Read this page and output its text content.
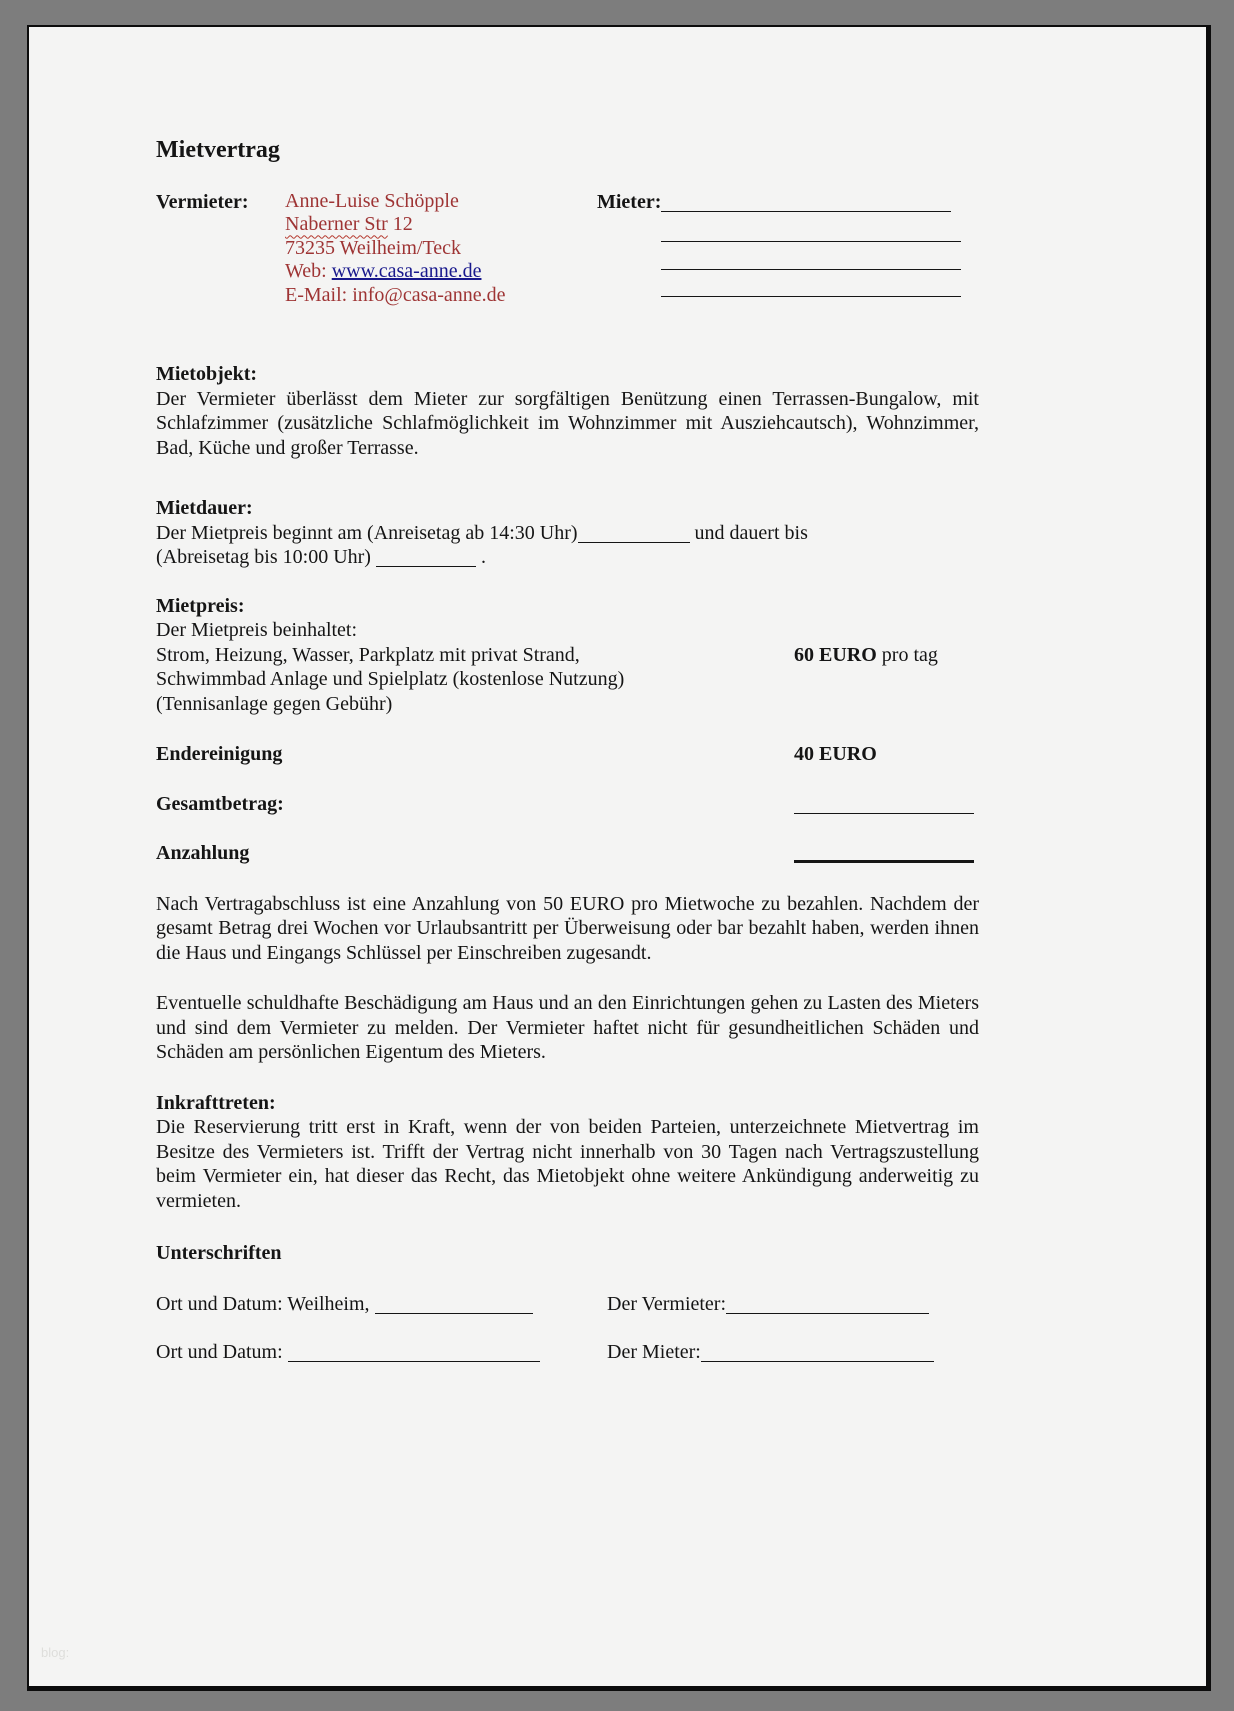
Mietvertrag
Vermieter: Anne-Luise Schöpple
Naberner Str 12
73235 Weilheim/Teck
Web: www.casa-anne.de
E-Mail: info@casa-anne.de
Mieter:
Mietobjekt:
Der Vermieter überlässt dem Mieter zur sorgfältigen Benützung einen Terrassen-Bungalow, mit Schlafzimmer (zusätzliche Schlafmöglichkeit im Wohnzimmer mit Ausziehcautsch), Wohnzimmer, Bad, Küche und großer Terrasse.
Mietdauer:
Der Mietpreis beginnt am (Anreisetag ab 14:30 Uhr)	und dauert bis
(Abreisetag bis 10:00 Uhr)	.
Mietpreis:
Der Mietpreis beinhaltet:
Strom, Heizung, Wasser, Parkplatz mit privat Strand,	60 EURO pro tag
Schwimmbad Anlage und Spielplatz (kostenlose Nutzung)
(Tennisanlage gegen Gebühr)
Endereinigung	40 EURO
Gesamtbetrag:
Anzahlung
Nach Vertragabschluss ist eine Anzahlung von 50 EURO pro Mietwoche zu bezahlen. Nachdem der gesamt Betrag drei Wochen vor Urlaubsantritt per Überweisung oder bar bezahlt haben, werden ihnen die Haus und Eingangs Schlüssel per Einschreiben zugesandt.
Eventuelle schuldhafte Beschädigung am Haus und an den Einrichtungen gehen zu Lasten des Mieters und sind dem Vermieter zu melden. Der Vermieter haftet nicht für gesundheitlichen Schäden und Schäden am persönlichen Eigentum des Mieters.
Inkrafttreten:
Die Reservierung tritt erst in Kraft, wenn der von beiden Parteien, unterzeichnete Mietvertrag im Besitze des Vermieters ist. Trifft der Vertrag nicht innerhalb von 30 Tagen nach Vertragszustellung beim Vermieter ein, hat dieser das Recht, das Mietobjekt ohne weitere Ankündigung anderweitig zu vermieten.
Unterschriften
Ort und Datum: Weilheim,	Der Vermieter:
Ort und Datum:	Der Mieter:
blog:
